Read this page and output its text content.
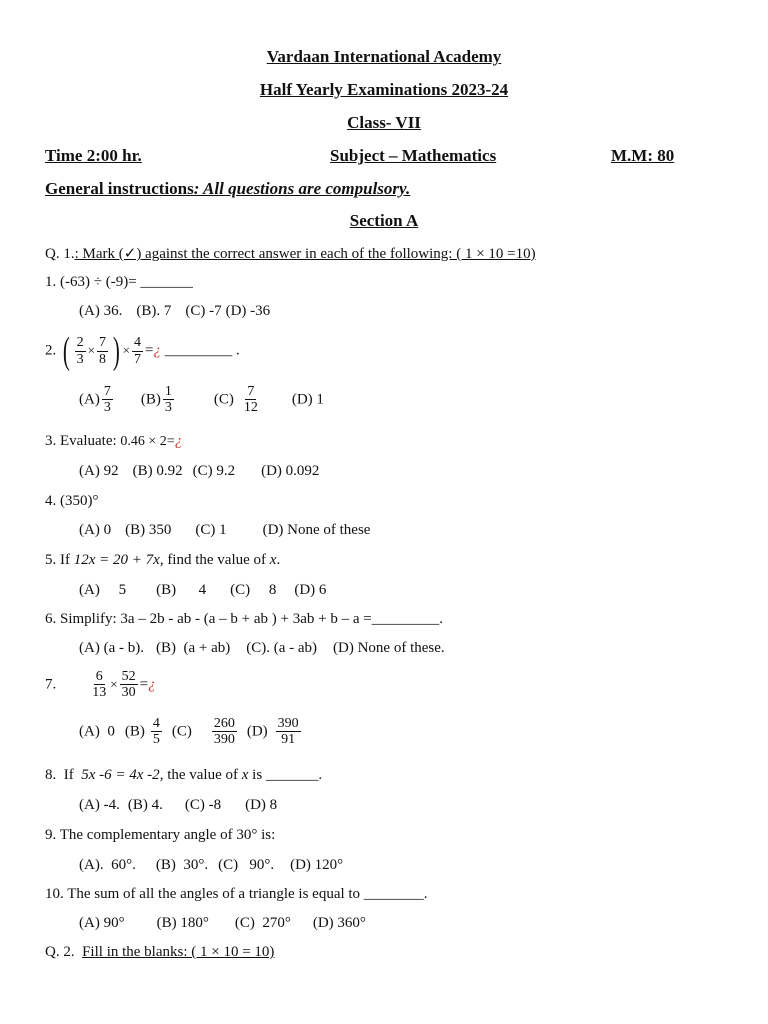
Vardaan International Academy
Half Yearly Examinations 2023-24
Class- VII
Time 2:00 hr.	Subject – Mathematics	M.M: 80
General instructions: All questions are compulsory.
Section A
Q. 1.: Mark (✓) against the correct answer in each of the following: ( 1 × 10 =10)
1. (-63) ÷ (-9)= _______
(A) 36. (B). 7 (C) -7 (D) -36
2. ( $\frac{2}{3} \times \frac{7}{8}$ ) × $\frac{4}{7}$ =¿ _________ .
$(A) \frac{7}{3} (B) \frac{1}{3}$	$(C) \frac{7}{12} (D)$ 1
3. Evaluate: 0.46 × 2=¿
(A) 92 (B) 0.92 (C) 9.2 (D) 0.092
4. (350)°
(A) 0 (B) 350 (C) 1 (D) None of these
5. If 12x = 20 + 7x, find the value of x.
(A)     5 (B)      4 (C)     8 (D) 6
6. Simplify: 3a – 2b - ab - (a – b + ab ) + 3ab + b – a =_________.
(A) (a - b). (B)  (a + ab) (C). (a - ab) (D) None of these.
7. $\frac{6}{13} \times \frac{52}{30}$ =¿
(A)  0 $(B) \frac{4}{5} (C) \frac{260}{390} (D) \frac{390}{91}$
8.  If  5x -6 = 4x -2, the value of x is _______.
(A) -4. (B) 4. (C) -8 (D) 8
9. The complementary angle of 30° is:
(A).  60°. (B)  30°. (C)   90°. (D) 120°
10. The sum of all the angles of a triangle is equal to ________.
(A) 90° (B) 180° (C)  270° (D) 360°
Q. 2.  Fill in the blanks: ( 1 × 10 = 10)
